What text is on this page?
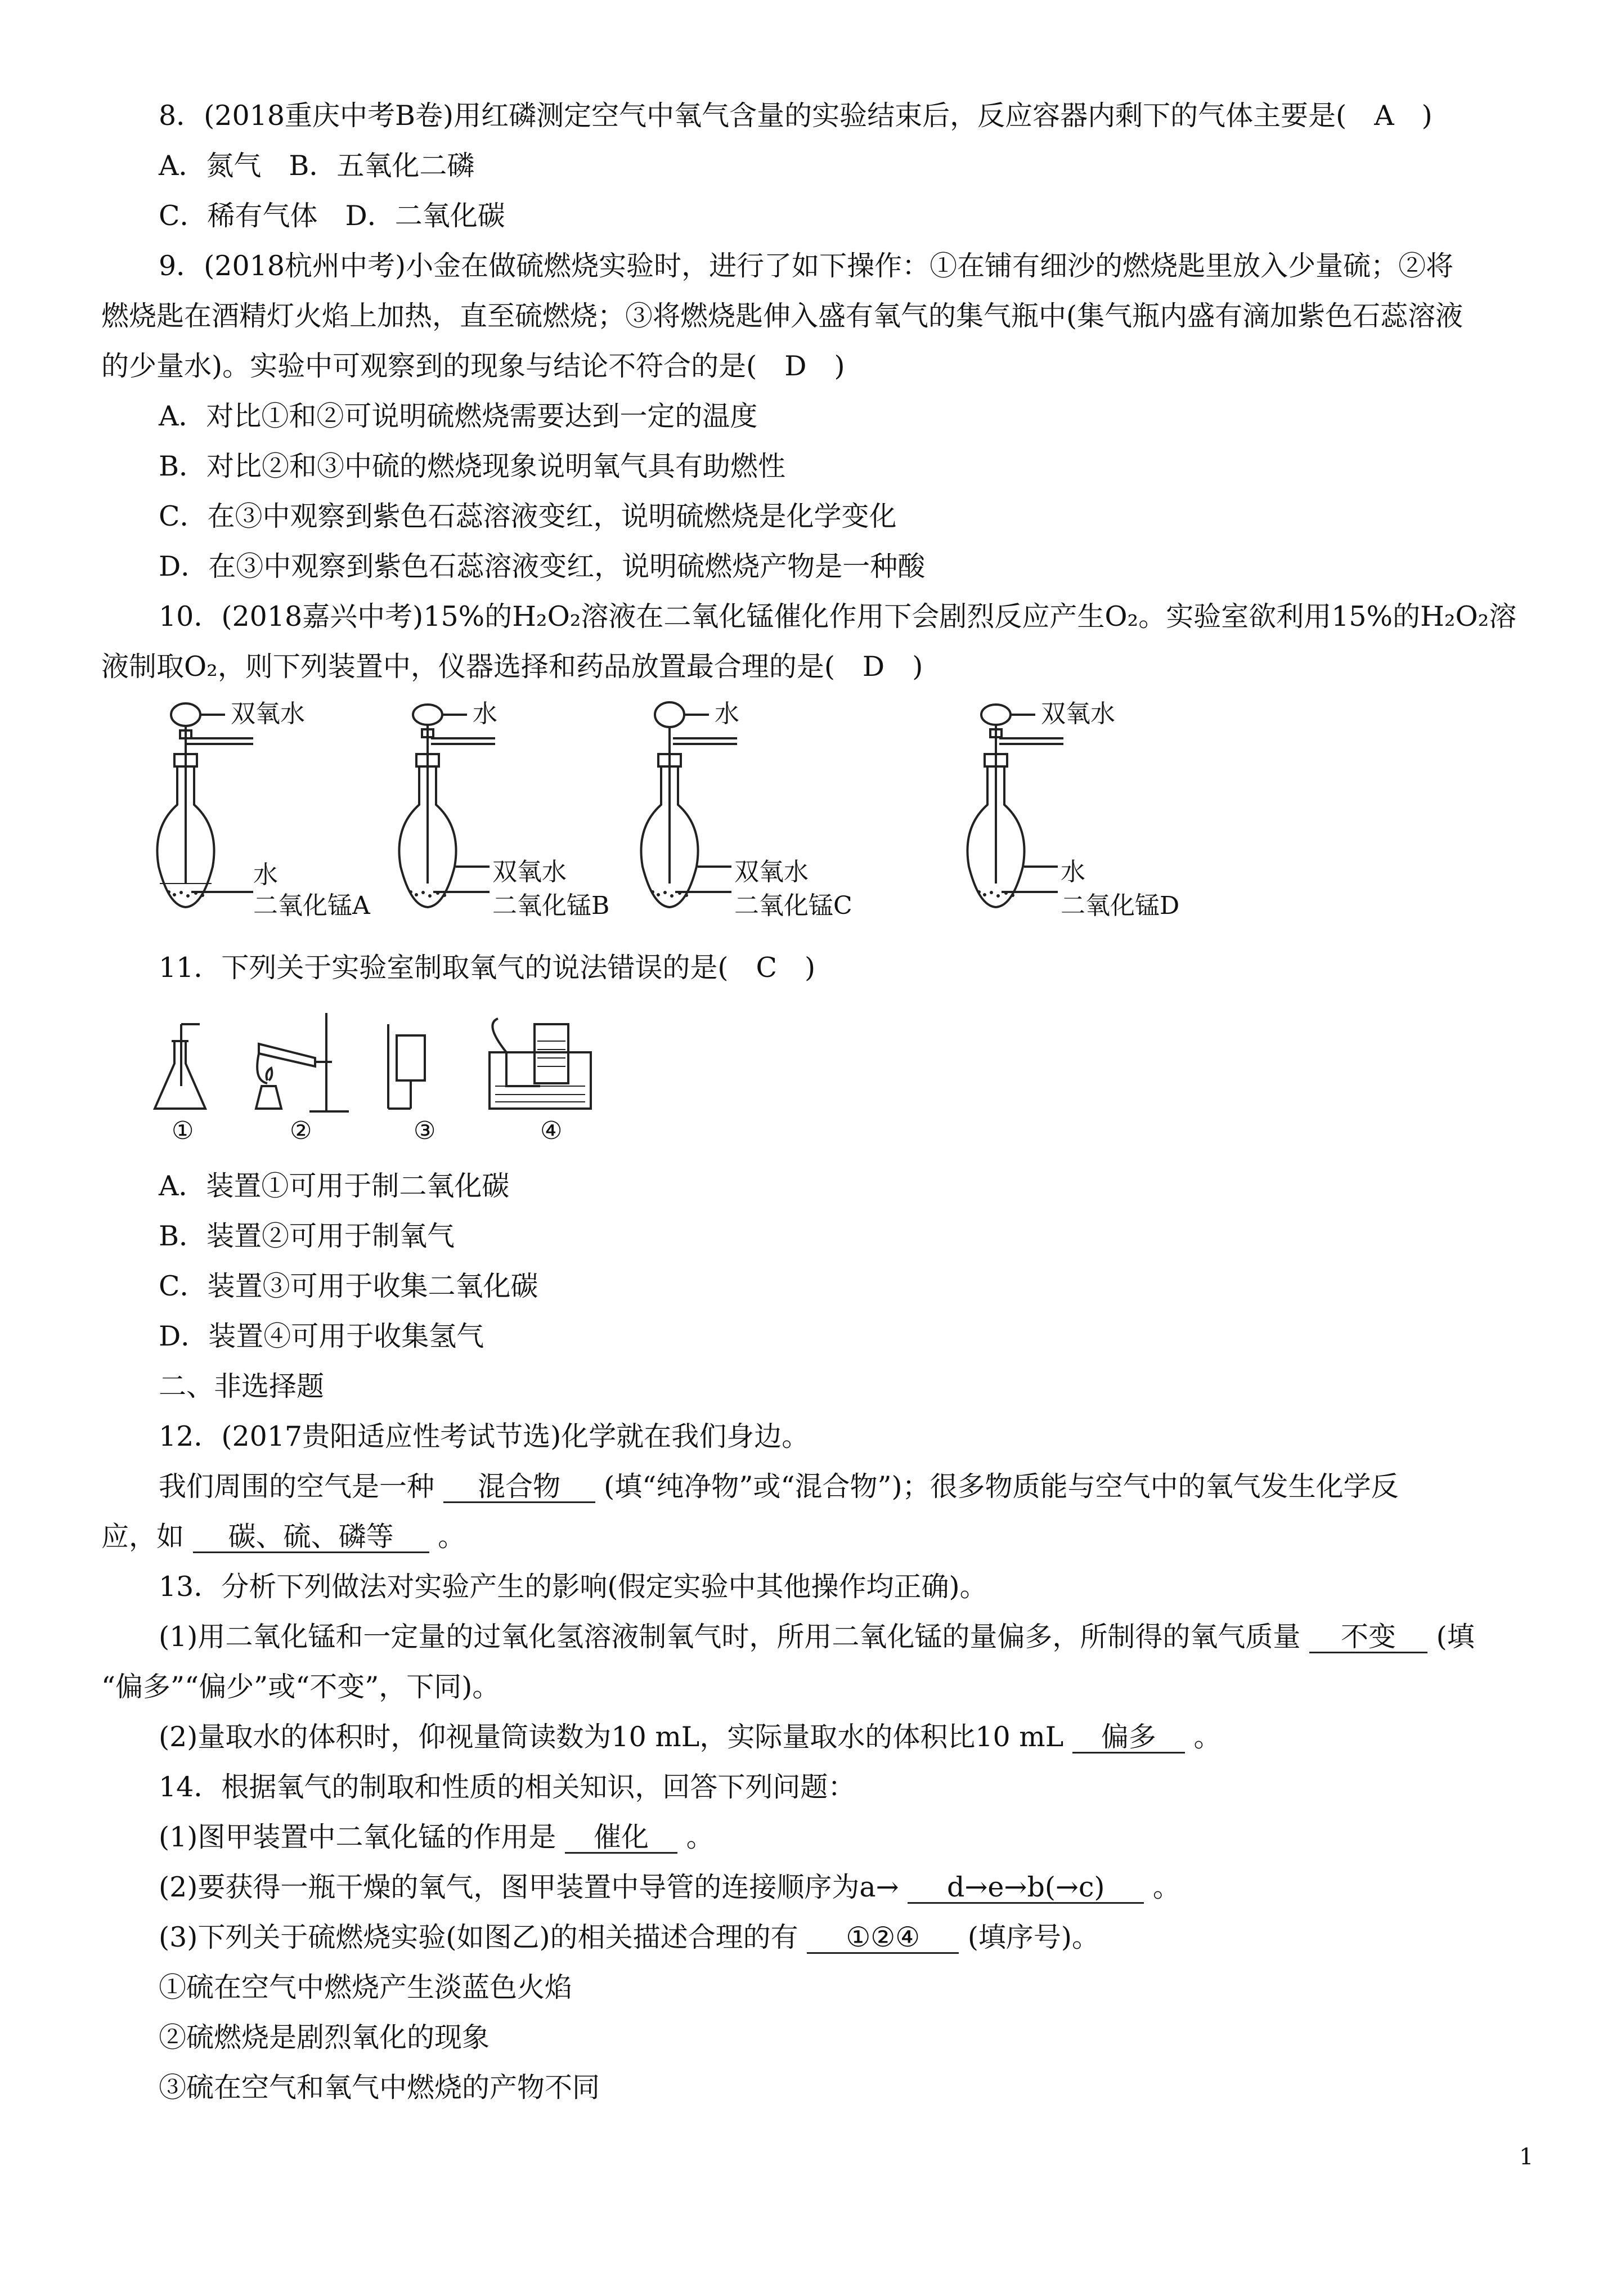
8．(2018重庆中考B卷)用红磷测定空气中氧气含量的实验结束后，反应容器内剩下的气体主要是(　A　)
A．氮气　B．五氧化二磷
C．稀有气体　D．二氧化碳
9．(2018杭州中考)小金在做硫燃烧实验时，进行了如下操作：①在铺有细沙的燃烧匙里放入少量硫；②将
燃烧匙在酒精灯火焰上加热，直至硫燃烧；③将燃烧匙伸入盛有氧气的集气瓶中(集气瓶内盛有滴加紫色石蕊溶液
的少量水)。实验中可观察到的现象与结论不符合的是(　D　)
A．对比①和②可说明硫燃烧需要达到一定的温度
B．对比②和③中硫的燃烧现象说明氧气具有助燃性
C．在③中观察到紫色石蕊溶液变红，说明硫燃烧是化学变化
D．在③中观察到紫色石蕊溶液变红，说明硫燃烧产物是一种酸
10．(2018嘉兴中考)15%的H₂O₂溶液在二氧化锰催化作用下会剧烈反应产生O₂。实验室欲利用15%的H₂O₂溶
液制取O₂，则下列装置中，仪器选择和药品放置最合理的是(　D　)
双氧水
水
二氧化锰A
水
双氧水
二氧化锰B
水
双氧水
二氧化锰C
双氧水
水
二氧化锰D
11．下列关于实验室制取氧气的说法错误的是(　C　)
①	②	③	④
A．装置①可用于制二氧化碳
B．装置②可用于制氧气
C．装置③可用于收集二氧化碳
D．装置④可用于收集氢气
二、非选择题
12．(2017贵阳适应性考试节选)化学就在我们身边。
我们周围的空气是一种 混合物 (填“纯净物”或“混合物”)；很多物质能与空气中的氧气发生化学反
应，如 碳、硫、磷等 。
13．分析下列做法对实验产生的影响(假定实验中其他操作均正确)。
(1)用二氧化锰和一定量的过氧化氢溶液制氧气时，所用二氧化锰的量偏多，所制得的氧气质量 不变 (填
“偏多”“偏少”或“不变”，下同)。
(2)量取水的体积时，仰视量筒读数为10 mL，实际量取水的体积比10 mL 偏多 。
14．根据氧气的制取和性质的相关知识，回答下列问题：
(1)图甲装置中二氧化锰的作用是 催化 。
(2)要获得一瓶干燥的氧气，图甲装置中导管的连接顺序为a→ d→e→b(→c) 。
(3)下列关于硫燃烧实验(如图乙)的相关描述合理的有 ①②④ (填序号)。
①硫在空气中燃烧产生淡蓝色火焰
②硫燃烧是剧烈氧化的现象
③硫在空气和氧气中燃烧的产物不同
1
